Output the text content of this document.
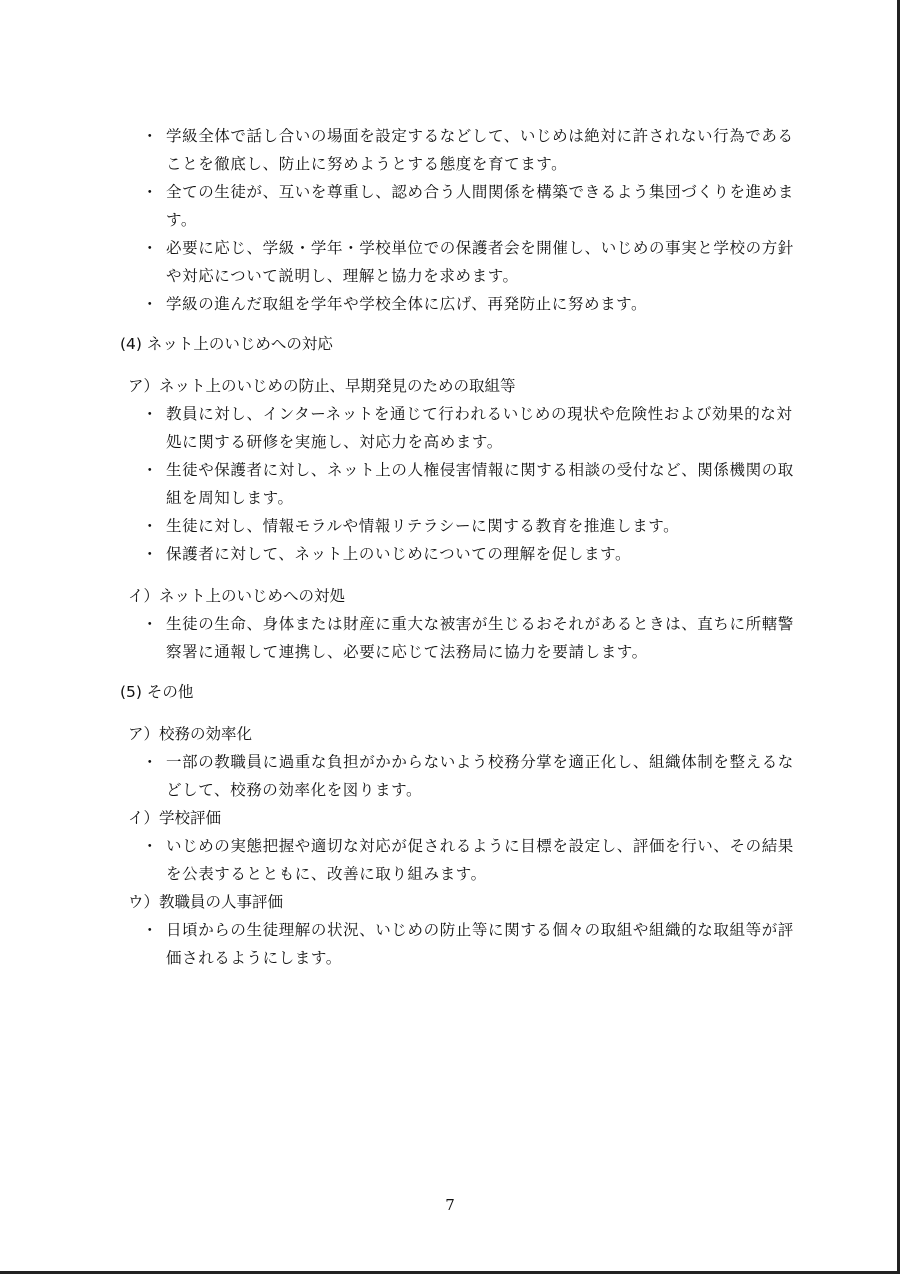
・ 学級全体で話し合いの場面を設定するなどして、いじめは絶対に許されない行為であることを徹底し、防止に努めようとする態度を育てます。
・ 全ての生徒が、互いを尊重し、認め合う人間関係を構築できるよう集団づくりを進めます。
・ 必要に応じ、学級・学年・学校単位での保護者会を開催し、いじめの事実と学校の方針や対応について説明し、理解と協力を求めます。
・ 学級の進んだ取組を学年や学校全体に広げ、再発防止に努めます。
(4) ネット上のいじめへの対応
ア）ネット上のいじめの防止、早期発見のための取組等
・ 教員に対し、インターネットを通じて行われるいじめの現状や危険性および効果的な対処に関する研修を実施し、対応力を高めます。
・ 生徒や保護者に対し、ネット上の人権侵害情報に関する相談の受付など、関係機関の取組を周知します。
・ 生徒に対し、情報モラルや情報リテラシーに関する教育を推進します。
・ 保護者に対して、ネット上のいじめについての理解を促します。
イ）ネット上のいじめへの対処
・ 生徒の生命、身体または財産に重大な被害が生じるおそれがあるときは、直ちに所轄警察署に通報して連携し、必要に応じて法務局に協力を要請します。
(5) その他
ア）校務の効率化
・ 一部の教職員に過重な負担がかからないよう校務分掌を適正化し、組織体制を整えるなどして、校務の効率化を図ります。
イ）学校評価
・ いじめの実態把握や適切な対応が促されるように目標を設定し、評価を行い、その結果を公表するとともに、改善に取り組みます。
ウ）教職員の人事評価
・ 日頃からの生徒理解の状況、いじめの防止等に関する個々の取組や組織的な取組等が評価されるようにします。
7
